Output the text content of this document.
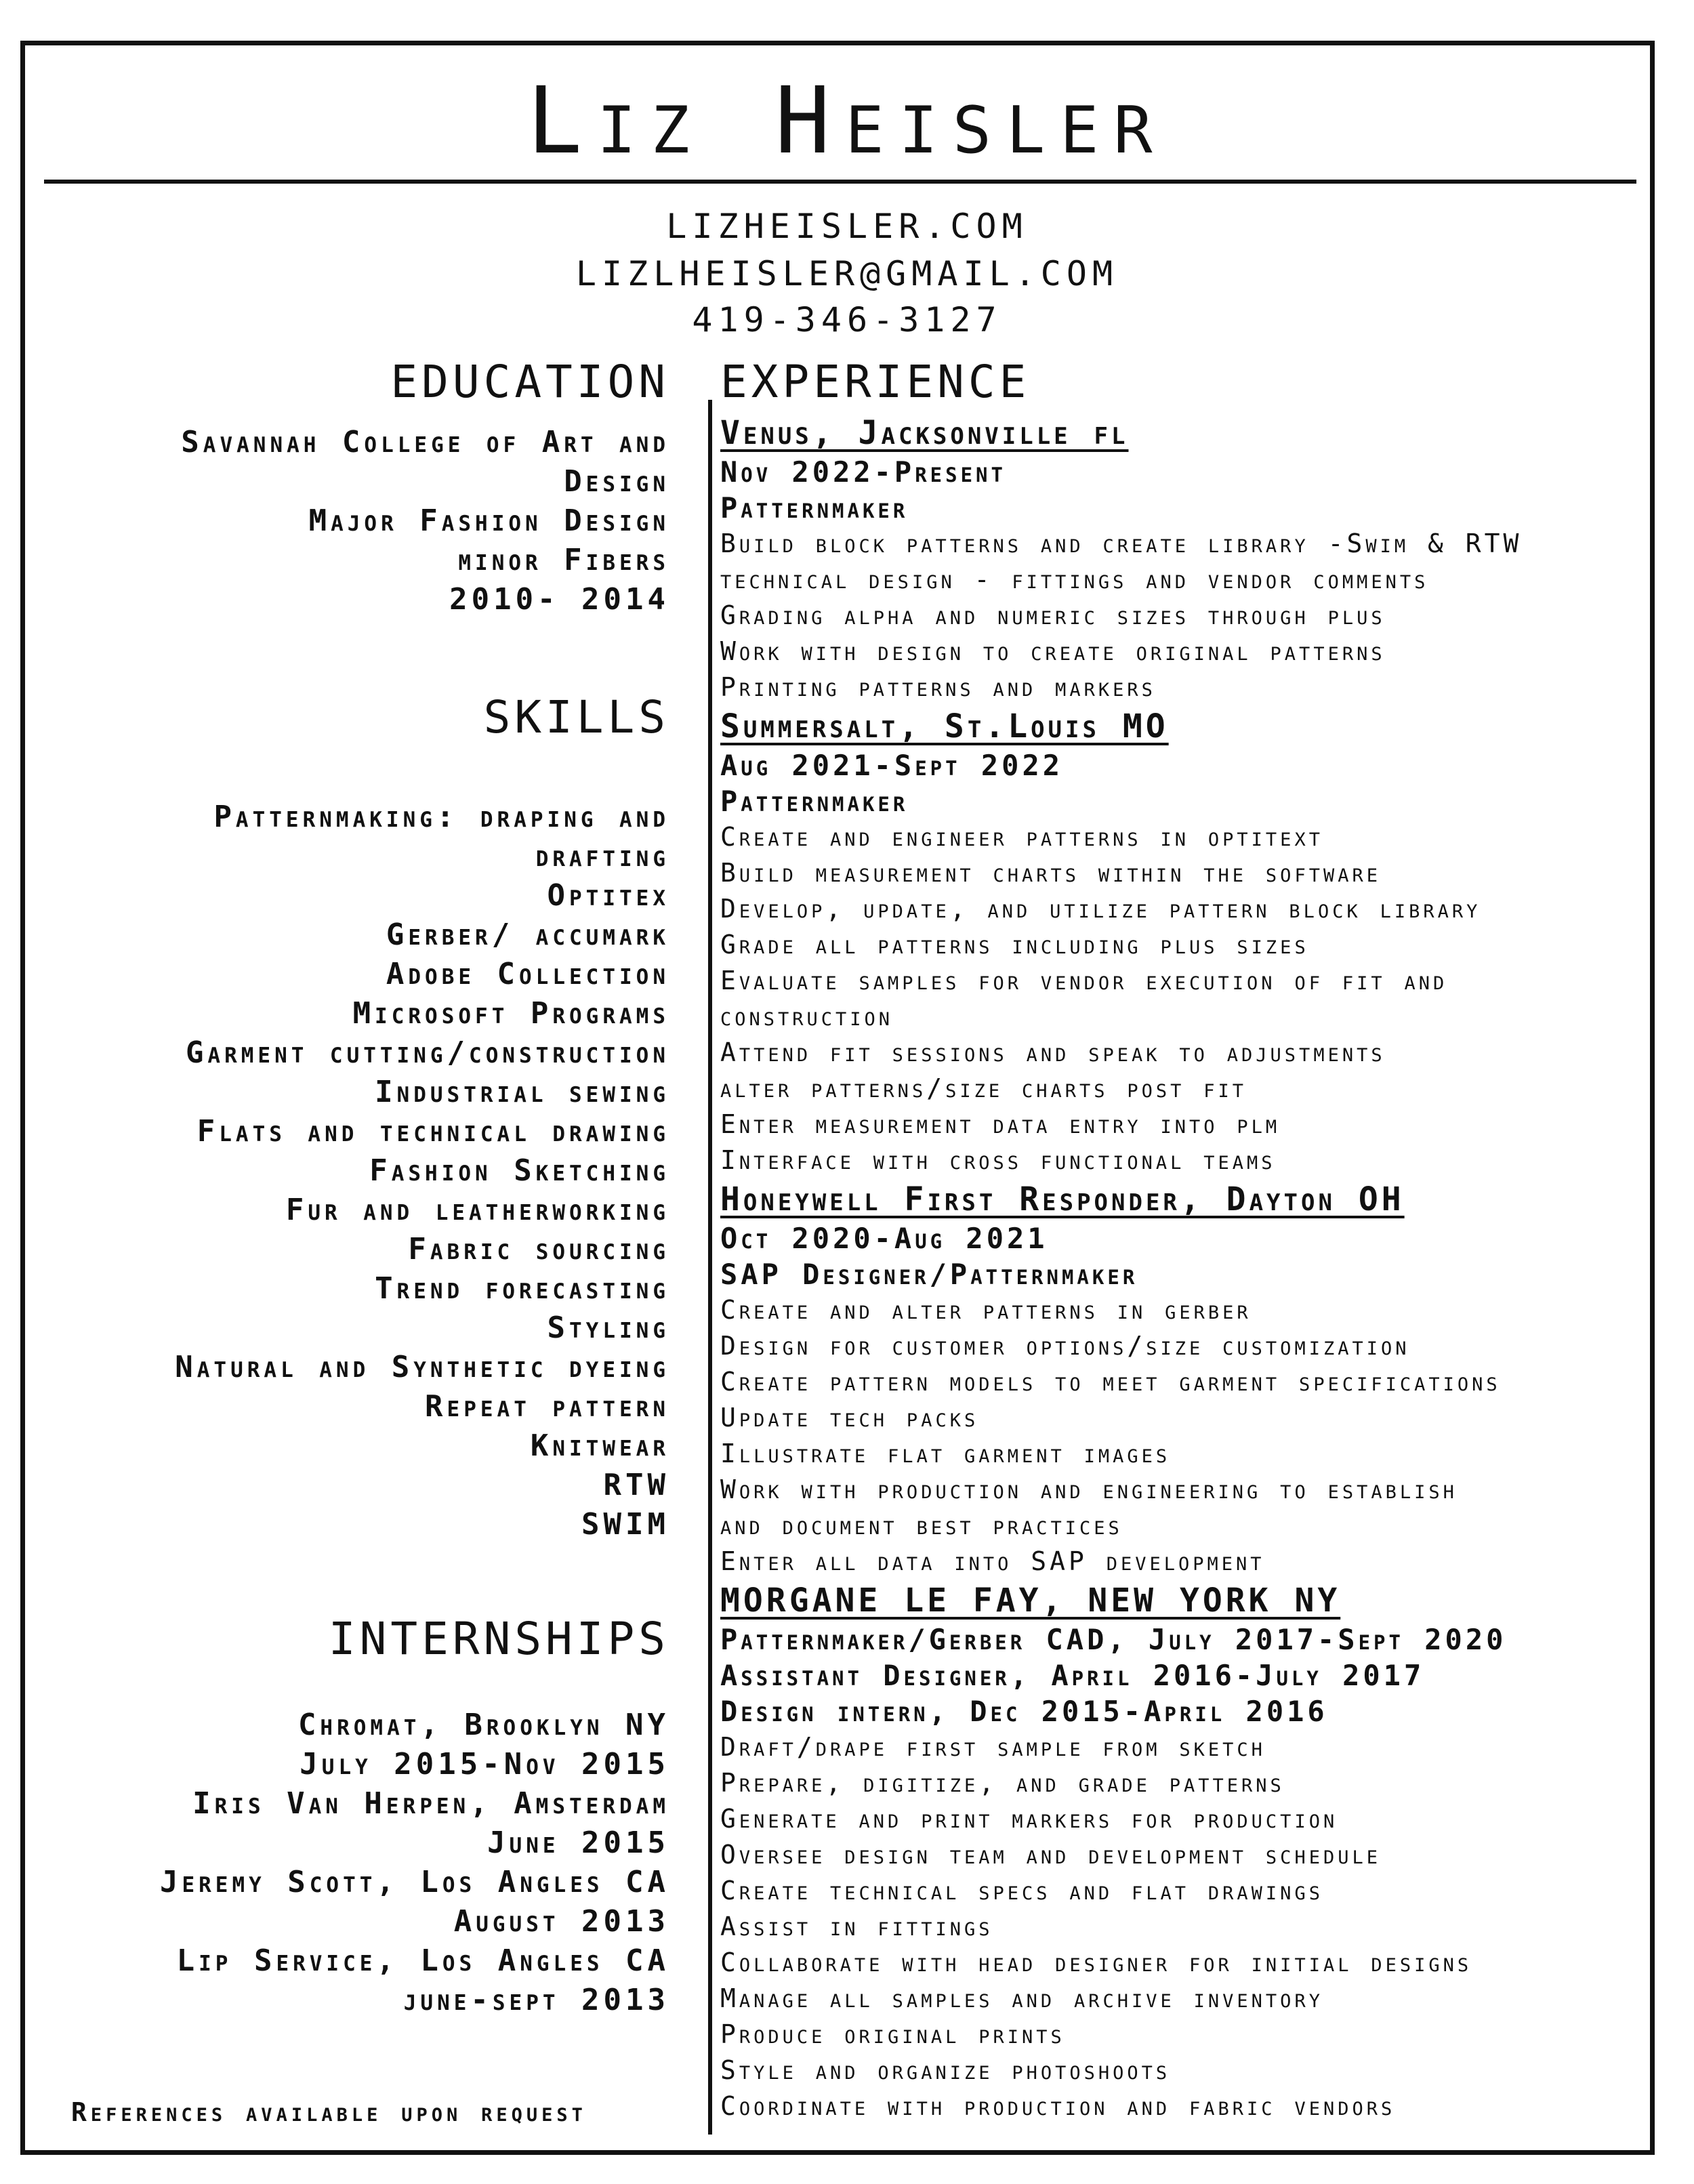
Liz Heisler
LIZHEISLER.COM
LIZLHEISLER@GMAIL.COM
419-346-3127
EDUCATION
Savannah College of Art and
Design
Major Fashion Design
minor Fibers
2010- 2014
SKILLS
Patternmaking: draping and
drafting
Optitex
Gerber/ accumark
Adobe Collection
Microsoft Programs
Garment cutting/construction
Industrial sewing
Flats and technical drawing
Fashion Sketching
Fur and leatherworking
Fabric sourcing
Trend forecasting
Styling
Natural and Synthetic dyeing
Repeat pattern
Knitwear
RTW
SWIM
INTERNSHIPS
Chromat, Brooklyn NY
July 2015-Nov 2015
Iris Van Herpen, Amsterdam
June 2015
Jeremy Scott, Los Angles CA
August 2013
Lip Service, Los Angles CA
june-sept 2013
EXPERIENCE
Venus, Jacksonville fl
Nov 2022-Present
Patternmaker
Build block patterns and create library -Swim & RTW
technical design - fittings and vendor comments
Grading alpha and numeric sizes through plus
Work with design to create original patterns
Printing patterns and markers
Summersalt, St.Louis MO
Aug 2021-Sept 2022
Patternmaker
Create and engineer patterns in optitext
Build measurement charts within the software
Develop, update, and utilize pattern block library
Grade all patterns including plus sizes
Evaluate samples for vendor execution of fit and
construction
Attend fit sessions and speak to adjustments
alter patterns/size charts post fit
Enter measurement data entry into plm
Interface with cross functional teams
Honeywell First Responder, Dayton OH
Oct 2020-Aug 2021
SAP Designer/Patternmaker
Create and alter patterns in gerber
Design for customer options/size customization
Create pattern models to meet garment specifications
Update tech packs
Illustrate flat garment images
Work with production and engineering to establish
and document best practices
Enter all data into SAP development
MORGANE LE FAY, NEW YORK NY
Patternmaker/Gerber CAD, July 2017-Sept 2020
Assistant Designer, April 2016-July 2017
Design intern, Dec 2015-April 2016
Draft/drape first sample from sketch
Prepare, digitize, and grade patterns
Generate and print markers for production
Oversee design team and development schedule
Create technical specs and flat drawings
Assist in fittings
Collaborate with head designer for initial designs
Manage all samples and archive inventory
Produce original prints
Style and organize photoshoots
Coordinate with production and fabric vendors
References available upon request
